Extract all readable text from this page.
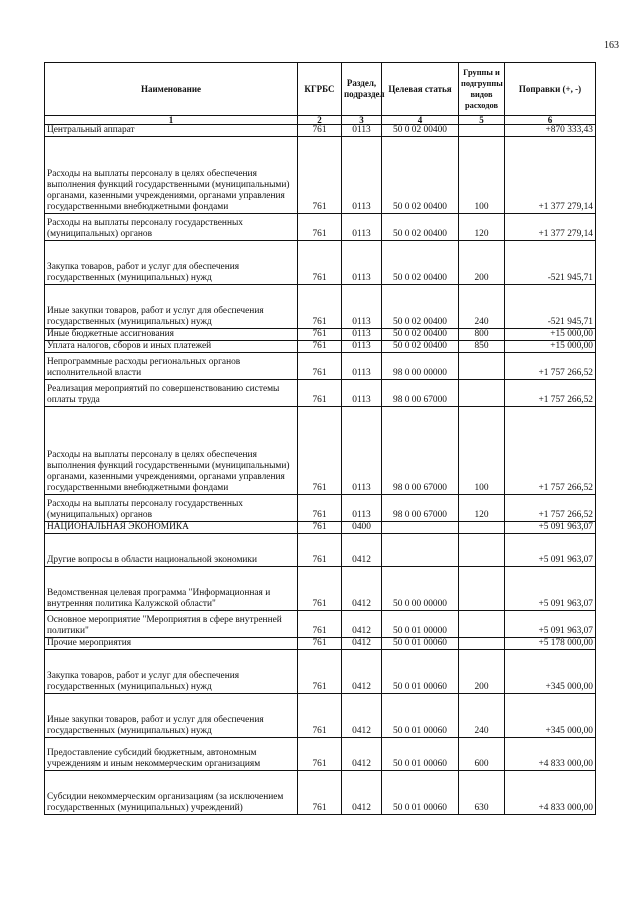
163
Наименование	КГРБС	Раздел, подраздел	Целевая статья	Группы и подгруппы видов расходов	Поправки (+, -)
1	2	3	4	5	6
Центральный аппарат	761	0113	50 0 02 00400		+870 333,43
Расходы на выплаты персоналу в целях обеспечения выполнения функций государственными (муниципальными) органами, казенными учреждениями, органами управления государственными внебюджетными фондами	761	0113	50 0 02 00400	100	+1 377 279,14
Расходы на выплаты персоналу государственных (муниципальных) органов	761	0113	50 0 02 00400	120	+1 377 279,14
Закупка товаров, работ и услуг для обеспечения государственных (муниципальных) нужд	761	0113	50 0 02 00400	200	-521 945,71
Иные закупки товаров, работ и услуг для обеспечения государственных (муниципальных) нужд	761	0113	50 0 02 00400	240	-521 945,71
Иные бюджетные ассигнования	761	0113	50 0 02 00400	800	+15 000,00
Уплата налогов, сборов и иных платежей	761	0113	50 0 02 00400	850	+15 000,00
Непрограммные расходы региональных органов исполнительной власти	761	0113	98 0 00 00000		+1 757 266,52
Реализация мероприятий по совершенствованию системы оплаты труда	761	0113	98 0 00 67000		+1 757 266,52
Расходы на выплаты персоналу в целях обеспечения выполнения функций государственными (муниципальными) органами, казенными учреждениями, органами управления государственными внебюджетными фондами	761	0113	98 0 00 67000	100	+1 757 266,52
Расходы на выплаты персоналу государственных (муниципальных) органов	761	0113	98 0 00 67000	120	+1 757 266,52
НАЦИОНАЛЬНАЯ ЭКОНОМИКА	761	0400			+5 091 963,07
Другие вопросы в области национальной экономики	761	0412			+5 091 963,07
Ведомственная целевая программа "Информационная и внутренняя политика Калужской области"	761	0412	50 0 00 00000		+5 091 963,07
Основное мероприятие "Мероприятия в сфере внутренней политики"	761	0412	50 0 01 00000		+5 091 963,07
Прочие мероприятия	761	0412	50 0 01 00060		+5 178 000,00
Закупка товаров, работ и услуг для обеспечения государственных (муниципальных) нужд	761	0412	50 0 01 00060	200	+345 000,00
Иные закупки товаров, работ и услуг для обеспечения государственных (муниципальных) нужд	761	0412	50 0 01 00060	240	+345 000,00
Предоставление субсидий бюджетным, автономным учреждениям и иным некоммерческим организациям	761	0412	50 0 01 00060	600	+4 833 000,00
Субсидии некоммерческим организациям (за исключением государственных (муниципальных) учреждений)	761	0412	50 0 01 00060	630	+4 833 000,00
